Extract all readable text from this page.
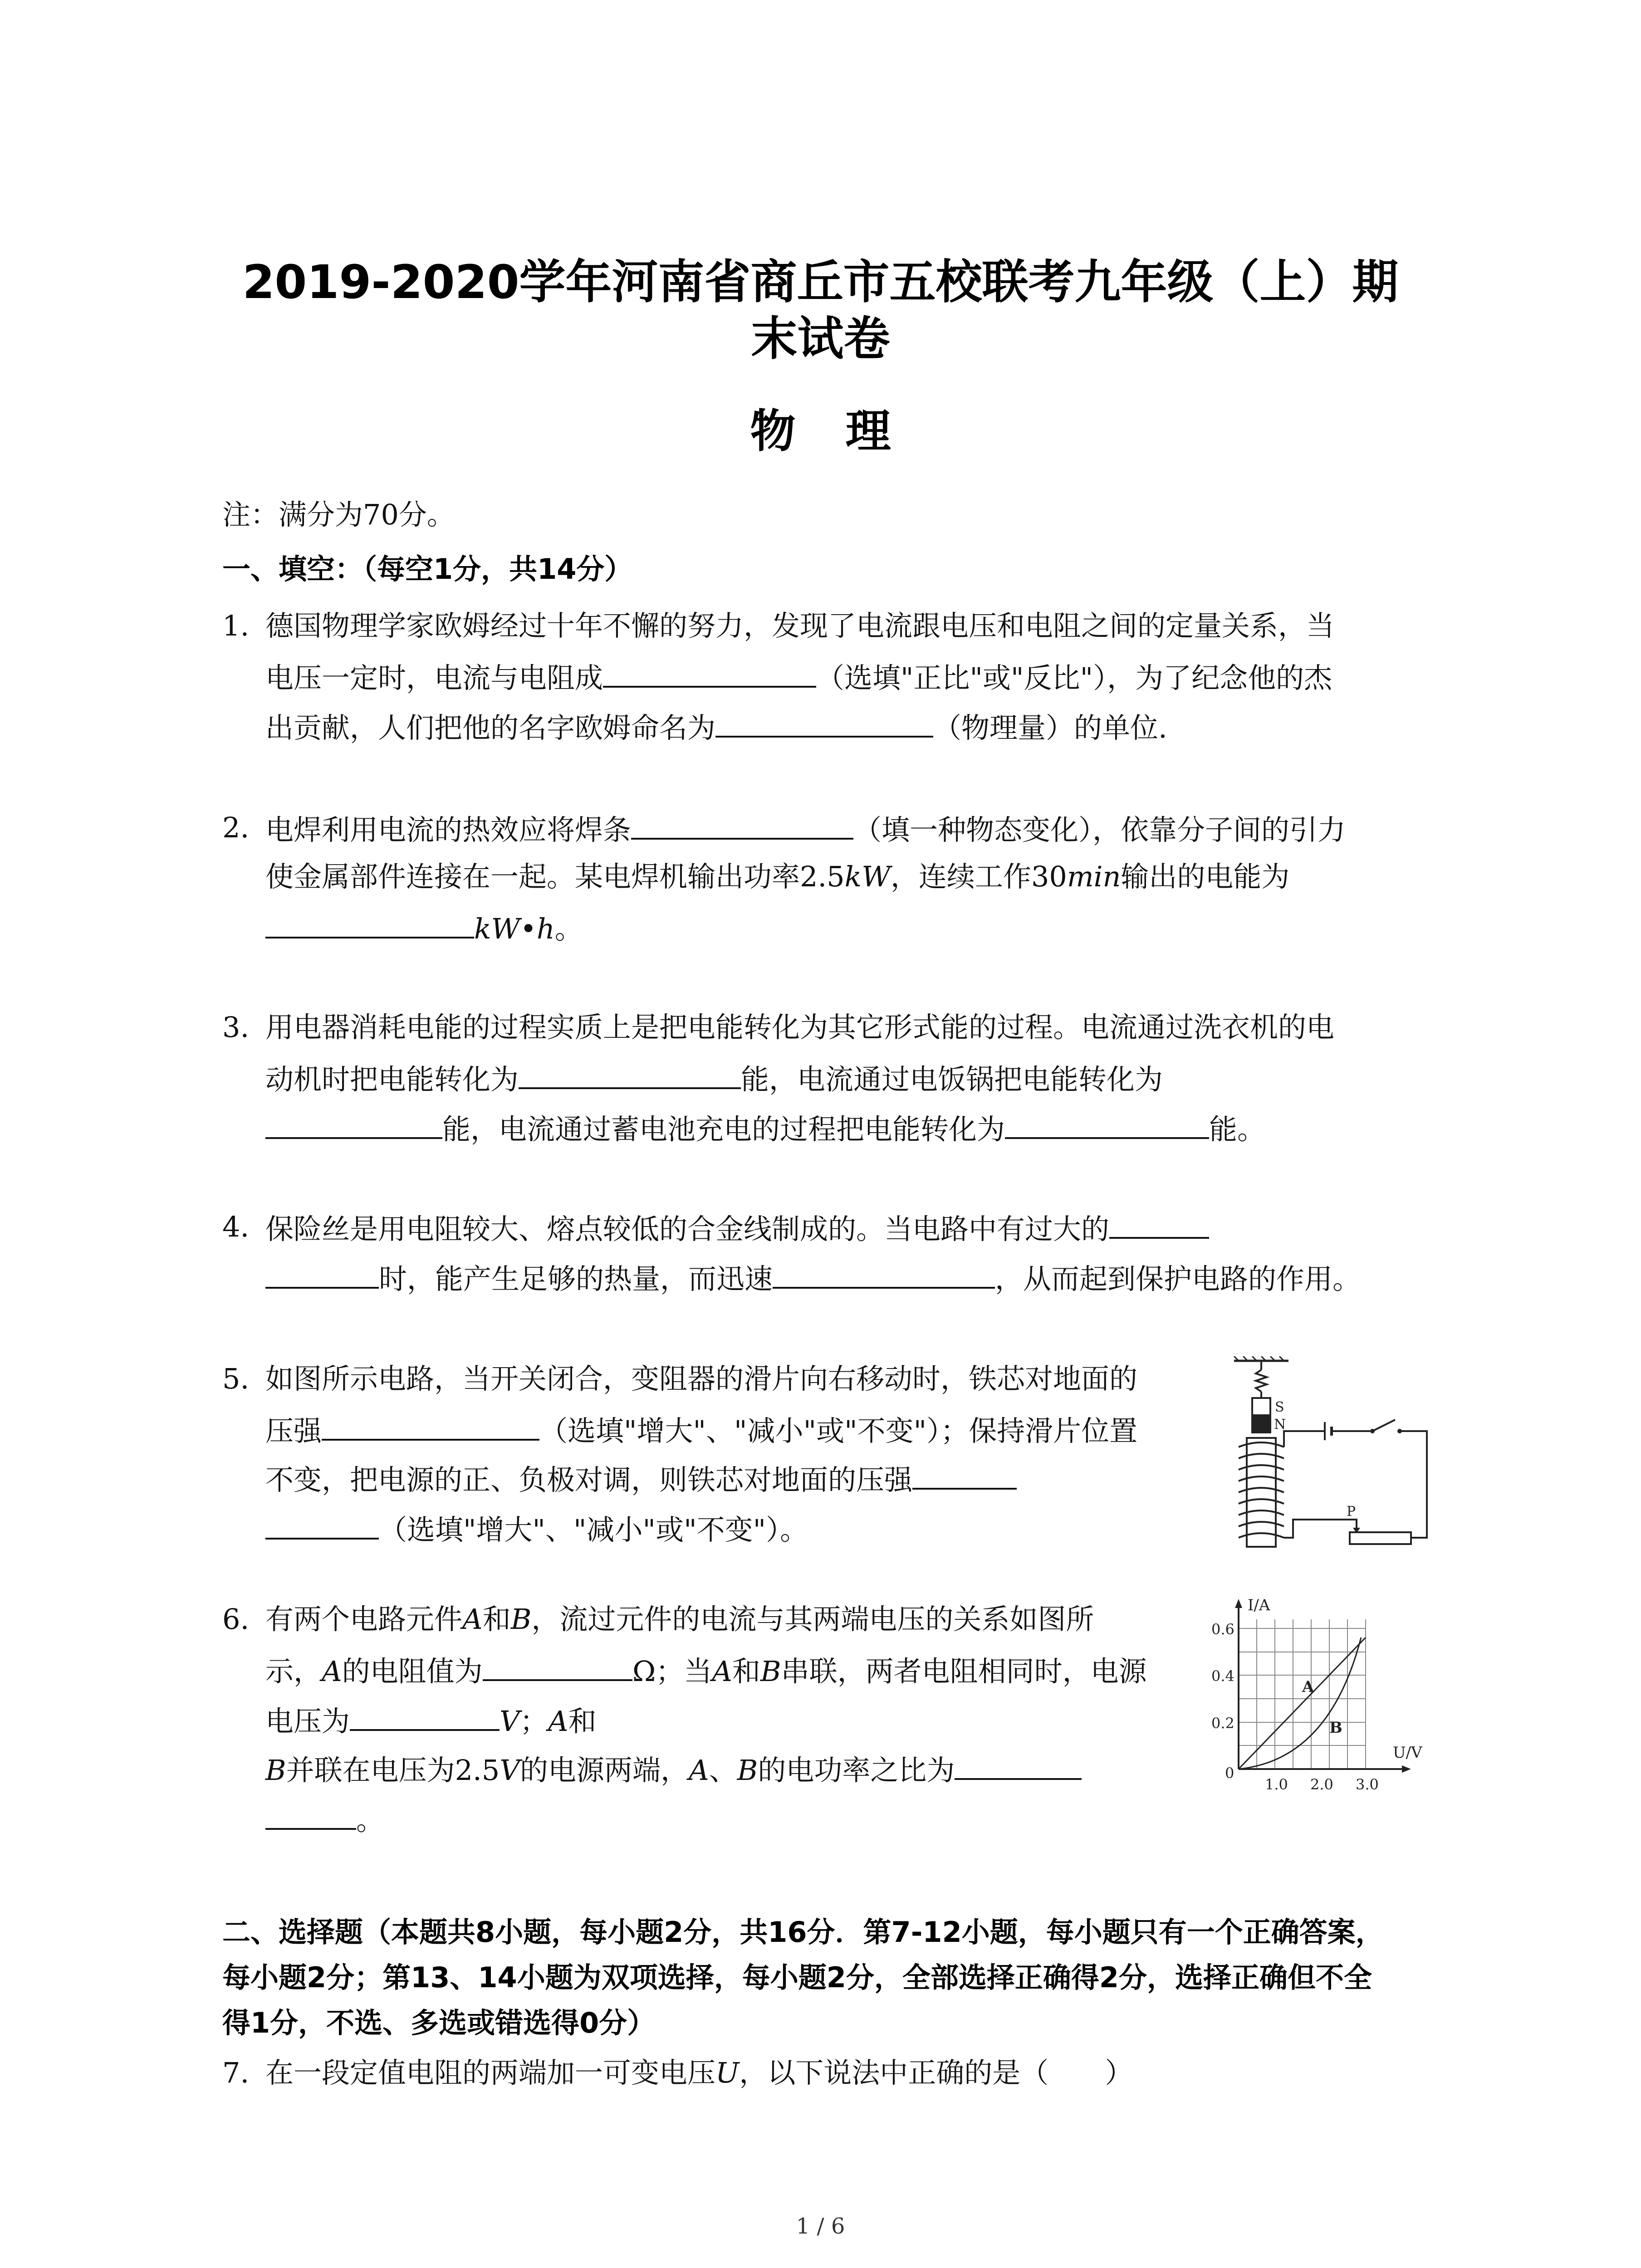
2019-2020学年河南省商丘市五校联考九年级（上）期
末试卷
物理
注：满分为70分。
一、填空：（每空1分，共14分）
1. 德国物理学家欧姆经过十年不懈的努力，发现了电流跟电压和电阻之间的定量关系，当
电压一定时，电流与电阻成	（选填"正比"或"反比"），为了纪念他的杰
出贡献，人们把他的名字欧姆命名为	（物理量）的单位.
2. 电焊利用电流的热效应将焊条	（填一种物态变化），依靠分子间的引力
使金属部件连接在一起。某电焊机输出功率2.5kW，连续工作30min输出的电能为
kW•h。
3. 用电器消耗电能的过程实质上是把电能转化为其它形式能的过程。电流通过洗衣机的电
动机时把电能转化为	能，电流通过电饭锅把电能转化为
能，电流通过蓄电池充电的过程把电能转化为	能。
4. 保险丝是用电阻较大、熔点较低的合金线制成的。当电路中有过大的
时，能产生足够的热量，而迅速	，从而起到保护电路的作用。
5. 如图所示电路，当开关闭合，变阻器的滑片向右移动时，铁芯对地面的
压强	（选填"增大"、"减小"或"不变"）；保持滑片位置
不变，把电源的正、负极对调，则铁芯对地面的压强
（选填"增大"、"减小"或"不变"）。
S
N
P
6. 有两个电路元件A和B，流过元件的电流与其两端电压的关系如图所
示，A的电阻值为	Ω；当A和B串联，两者电阻相同时，电源
电压为	V；A和
B并联在电压为2.5V的电源两端，A、B的电功率之比为
。
A
B
I/A
U/V
0.6
0.4
0.2
0
1.0 2.0 3.0
二、选择题（本题共8小题，每小题2分，共16分．第7-12小题，每小题只有一个正确答案，
每小题2分；第13、14小题为双项选择，每小题2分，全部选择正确得2分，选择正确但不全
得1分，不选、多选或错选得0分）
7. 在一段定值电阻的两端加一可变电压U，以下说法中正确的是（　　）
1 / 6
